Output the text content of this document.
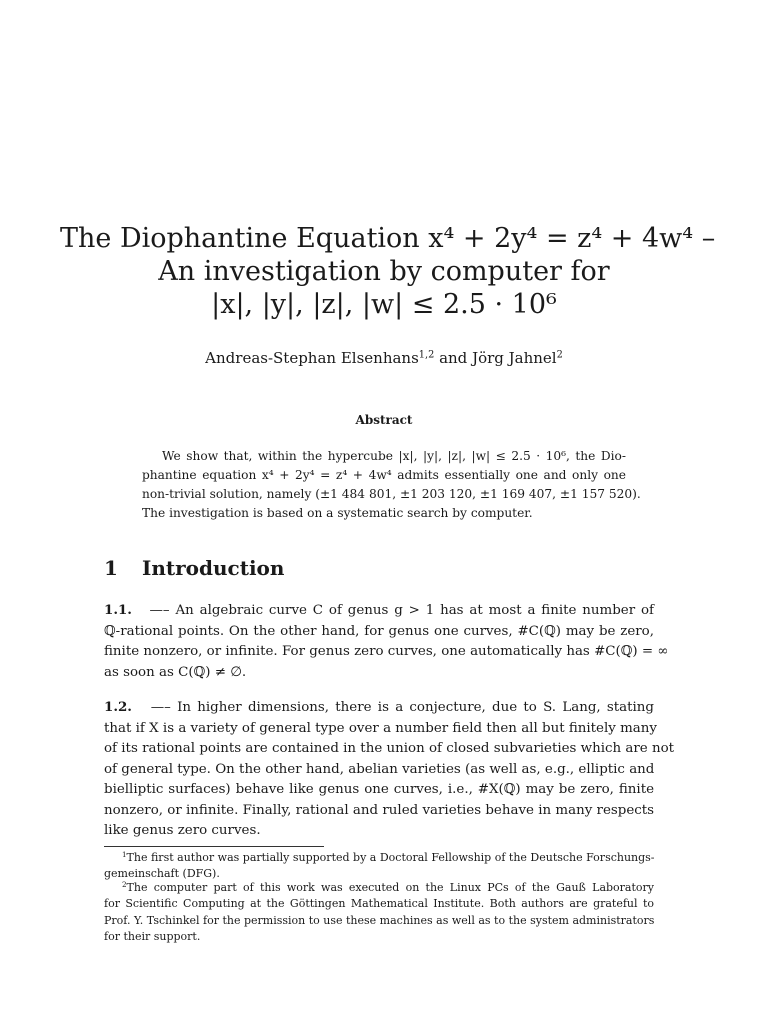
The Diophantine Equation x⁴ + 2y⁴ = z⁴ + 4w⁴ –
An investigation by computer for
|x|, |y|, |z|, |w| ≤ 2.5 · 10⁶
Andreas-Stephan Elsenhans$^{1,2}$ and Jörg Jahnel$^2$
Abstract
We show that, within the hypercube |x|, |y|, |z|, |w| ≤ 2.5 · 10⁶, the Dio-
phantine equation x⁴ + 2y⁴ = z⁴ + 4w⁴ admits essentially one and only one
non-trivial solution, namely (±1 484 801, ±1 203 120, ±1 169 407, ±1 157 520).
The investigation is based on a systematic search by computer.
1 Introduction
1.1. —– An algebraic curve C of genus g > 1 has at most a finite number of
ℚ-rational points. On the other hand, for genus one curves, #C(ℚ) may be zero,
finite nonzero, or infinite. For genus zero curves, one automatically has #C(ℚ) = ∞
as soon as C(ℚ) ≠ ∅.
1.2. —– In higher dimensions, there is a conjecture, due to S. Lang, stating
that if X is a variety of general type over a number field then all but finitely many
of its rational points are contained in the union of closed subvarieties which are not
of general type. On the other hand, abelian varieties (as well as, e.g., elliptic and
bielliptic surfaces) behave like genus one curves, i.e., #X(ℚ) may be zero, finite
nonzero, or infinite. Finally, rational and ruled varieties behave in many respects
like genus zero curves.
$^1$The first author was partially supported by a Doctoral Fellowship of the Deutsche Forschungs-
gemeinschaft (DFG).
$^2$The computer part of this work was executed on the Linux PCs of the Gauß Laboratory
for Scientific Computing at the Göttingen Mathematical Institute. Both authors are grateful to
Prof. Y. Tschinkel for the permission to use these machines as well as to the system administrators
for their support.
